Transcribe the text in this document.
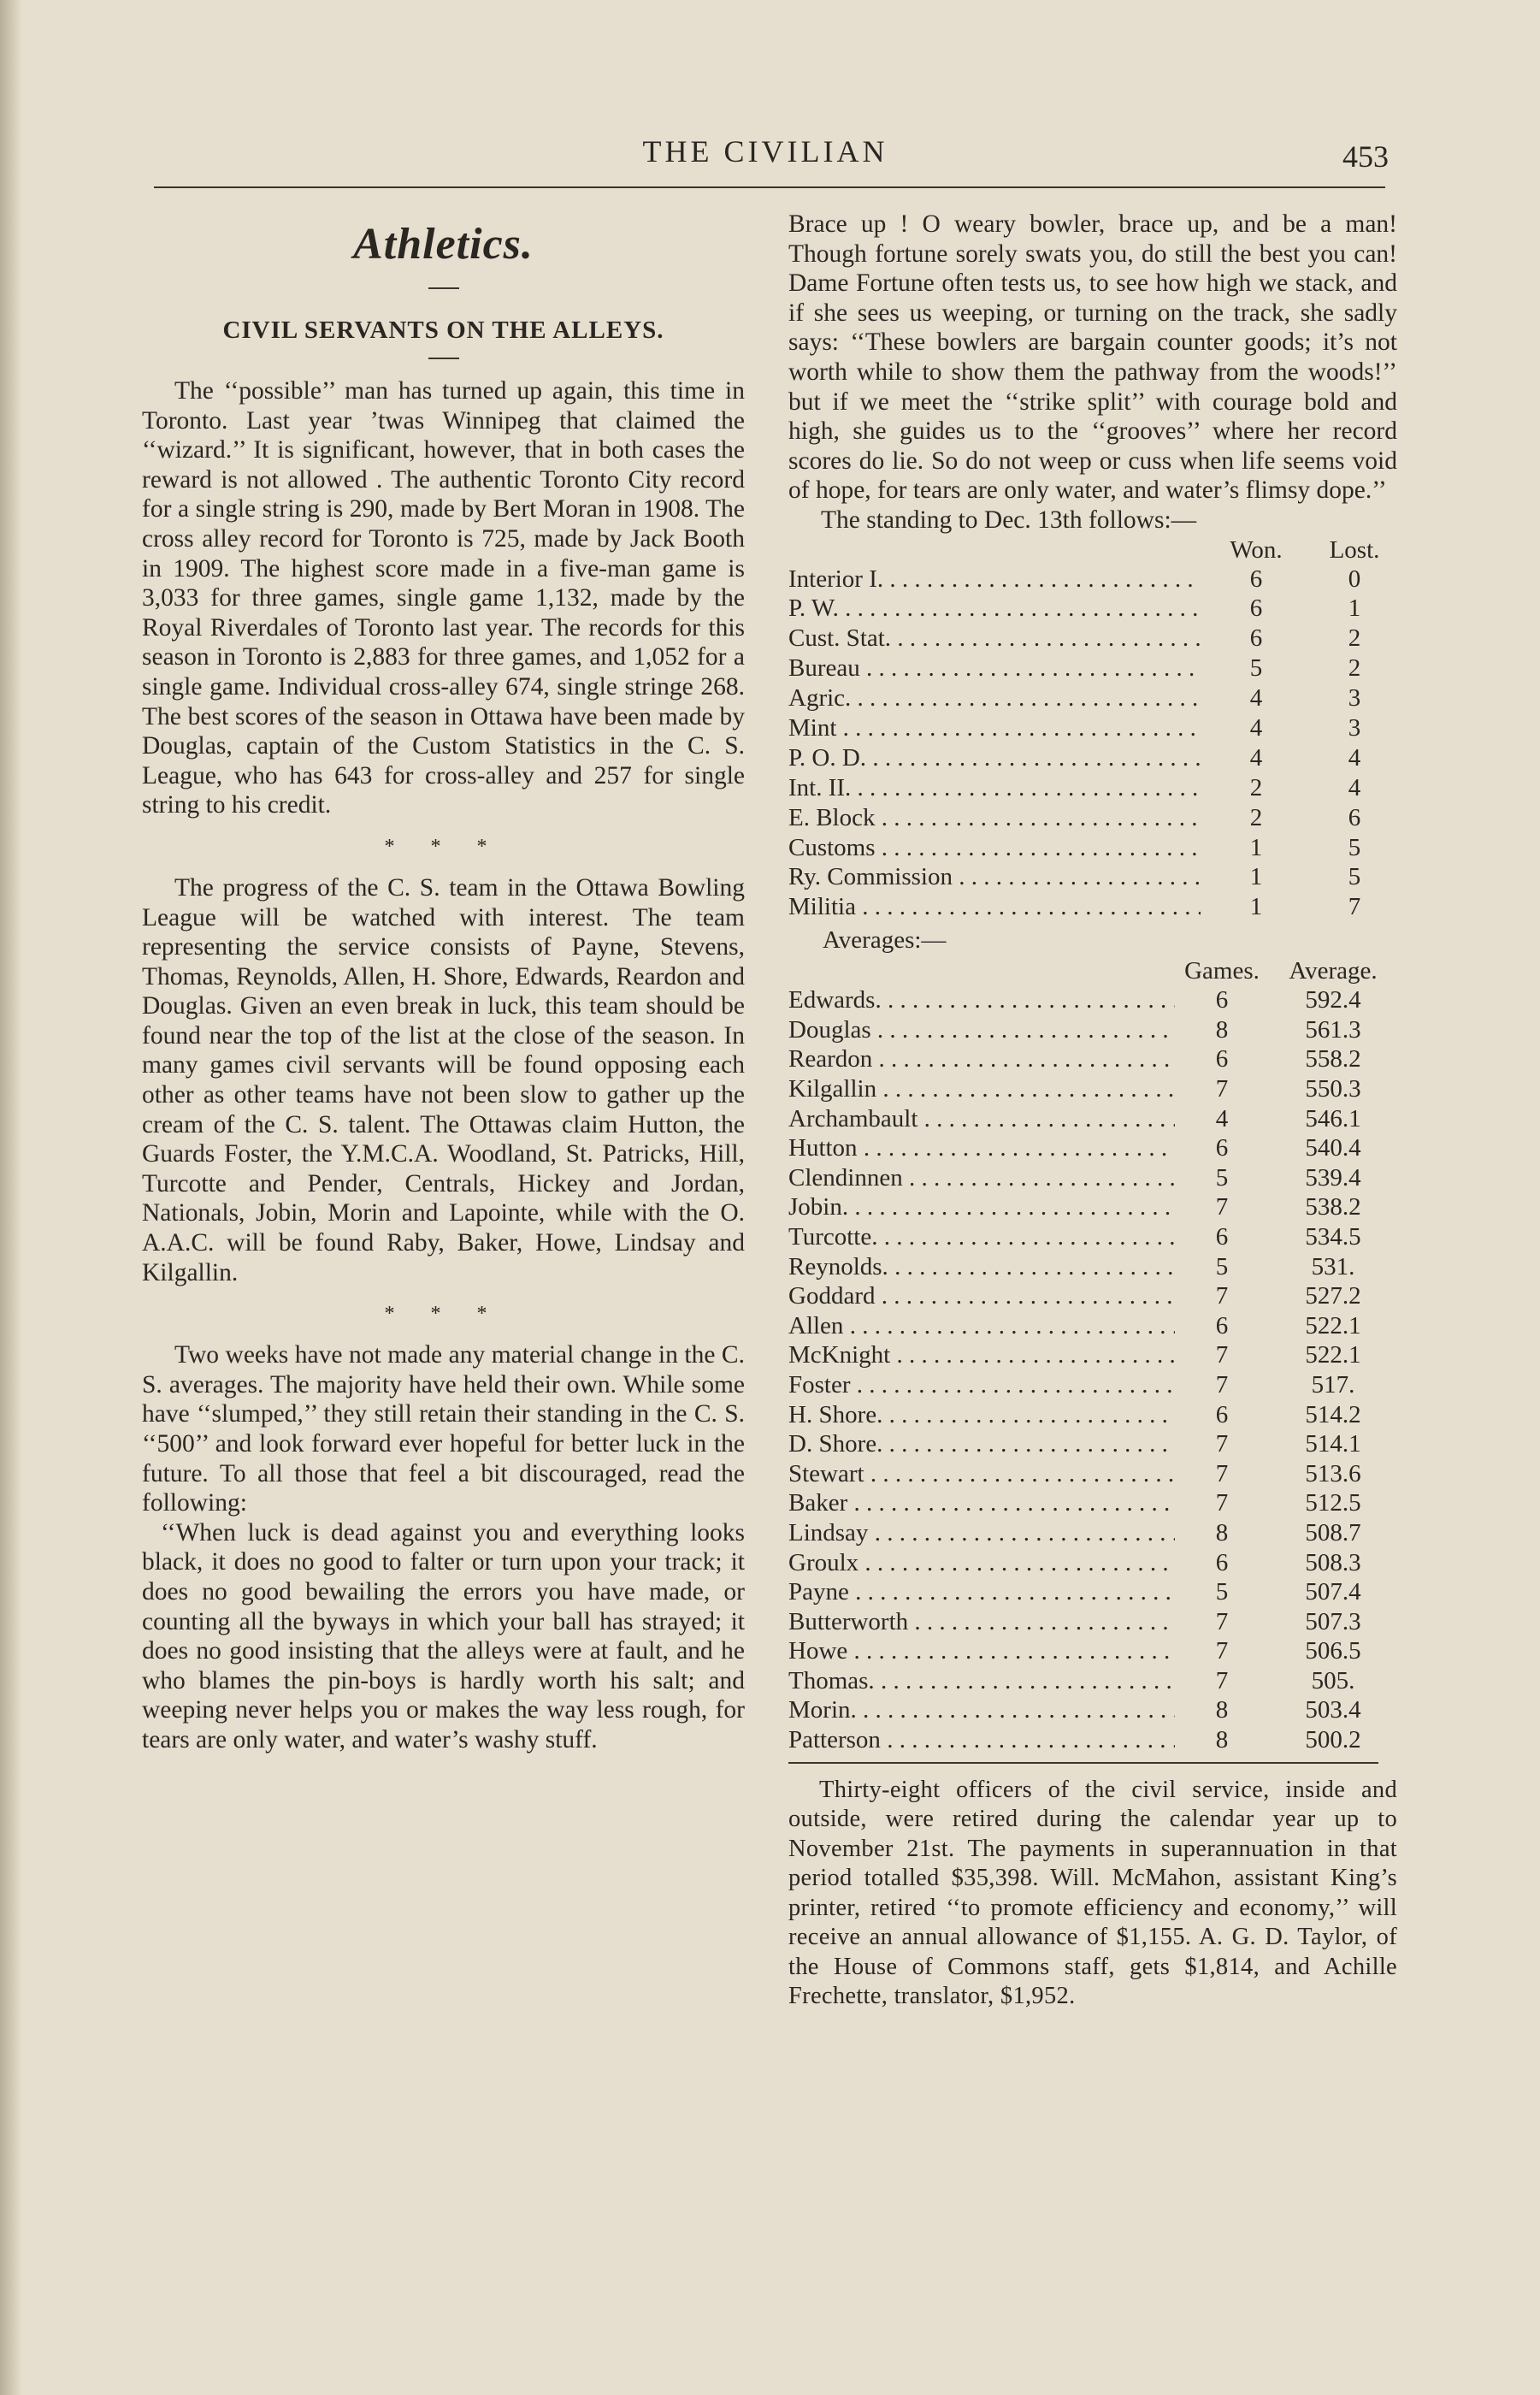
THE CIVILIAN	453
Athletics.
CIVIL SERVANTS ON THE ALLEYS.

The ‘‘possible’’ man has turned up again, this time in Toronto. Last year ’twas Winnipeg that claimed the ‘‘wizard.’’ It is significant, however, that in both cases the reward is not allowed . The authentic Toronto City record for a single string is 290, made by Bert Moran in 1908. The cross alley record for Toronto is 725, made by Jack Booth in 1909. The highest score made in a five-man game is 3,033 for three games, single game 1,132, made by the Royal Riverdales of Toronto last year. The records for this season in Toronto is 2,883 for three games, and 1,052 for a single game. Individual cross-alley 674, single stringe 268. The best scores of the season in Ottawa have been made by Douglas, captain of the Custom Statistics in the C. S. League, who has 643 for cross-alley and 257 for single string to his credit.

* * *

The progress of the C. S. team in the Ottawa Bowling League will be watched with interest. The team representing the service consists of Payne, Stevens, Thomas, Reynolds, Allen, H. Shore, Edwards, Reardon and Douglas. Given an even break in luck, this team should be found near the top of the list at the close of the season. In many games civil servants will be found opposing each other as other teams have not been slow to gather up the cream of the C. S. talent. The Ottawas claim Hutton, the Guards Foster, the Y.M.C.A. Woodland, St. Patricks, Hill, Turcotte and Pender, Centrals, Hickey and Jordan, Nationals, Jobin, Morin and Lapointe, while with the O. A.A.C. will be found Raby, Baker, Howe, Lindsay and Kilgallin.

* * *

Two weeks have not made any material change in the C. S. averages. The majority have held their own. While some have ‘‘slumped,’’ they still retain their standing in the C. S. ‘‘500’’ and look forward ever hopeful for better luck in the future. To all those that feel a bit discouraged, read the following:

‘‘When luck is dead against you and everything looks black, it does no good to falter or turn upon your track; it does no good bewailing the errors you have made, or counting all the byways in which your ball has strayed; it does no good insisting that the alleys were at fault, and he who blames the pin-boys is hardly worth his salt; and weeping never helps you or makes the way less rough, for tears are only water, and water’s washy stuff.

Brace up ! O weary bowler, brace up, and be a man! Though fortune sorely swats you, do still the best you can! Dame Fortune often tests us, to see how high we stack, and if she sees us weeping, or turning on the track, she sadly says: ‘‘These bowlers are bargain counter goods; it’s not worth while to show them the pathway from the woods!’’ but if we meet the ‘‘strike split’’ with courage bold and high, she guides us to the ‘‘grooves’’ where her record scores do lie. So do not weep or cuss when life seems void of hope, for tears are only water, and water’s flimsy dope.’’

The standing to Dec. 13th follows:—

Won.	Lost.
Interior I. . . .	6	0
P. W. . . .	6	1
Cust. Stat. . . .	6	2
Bureau . . .	5	2
Agric. . . .	4	3
Mint . . .	4	3
P. O. D. . . .	4	4
Int. II. . . .	2	4
E. Block . . .	2	6
Customs . . .	1	5
Ry. Commission . . .	1	5
Militia . . .	1	7
Averages:—
Games.	Average.
Edwards. . . .	6	592.4
Douglas . . .	8	561.3
Reardon . . .	6	558.2
Kilgallin . . .	7	550.3
Archambault . . .	4	546.1
Hutton . . .	6	540.4
Clendinnen . . .	5	539.4
Jobin. . . .	7	538.2
Turcotte. . . .	6	534.5
Reynolds. . . .	5	531.
Goddard . . .	7	527.2
Allen . . .	6	522.1
McKnight . . .	7	522.1
Foster . . .	7	517.
H. Shore. . . .	6	514.2
D. Shore. . . .	7	514.1
Stewart . . .	7	513.6
Baker . . .	7	512.5
Lindsay . . .	8	508.7
Groulx . . .	6	508.3
Payne . . .	5	507.4
Butterworth . . .	7	507.3
Howe . . .	7	506.5
Thomas. . . .	7	505.
Morin. . . .	8	503.4
Patterson . . .	8	500.2

Thirty-eight officers of the civil service, inside and outside, were retired during the calendar year up to November 21st. The payments in superannuation in that period totalled $35,398. Will. McMahon, assistant King’s printer, retired ‘‘to promote efficiency and economy,’’ will receive an annual allowance of $1,155. A. G. D. Taylor, of the House of Commons staff, gets $1,814, and Achille Frechette, translator, $1,952.
